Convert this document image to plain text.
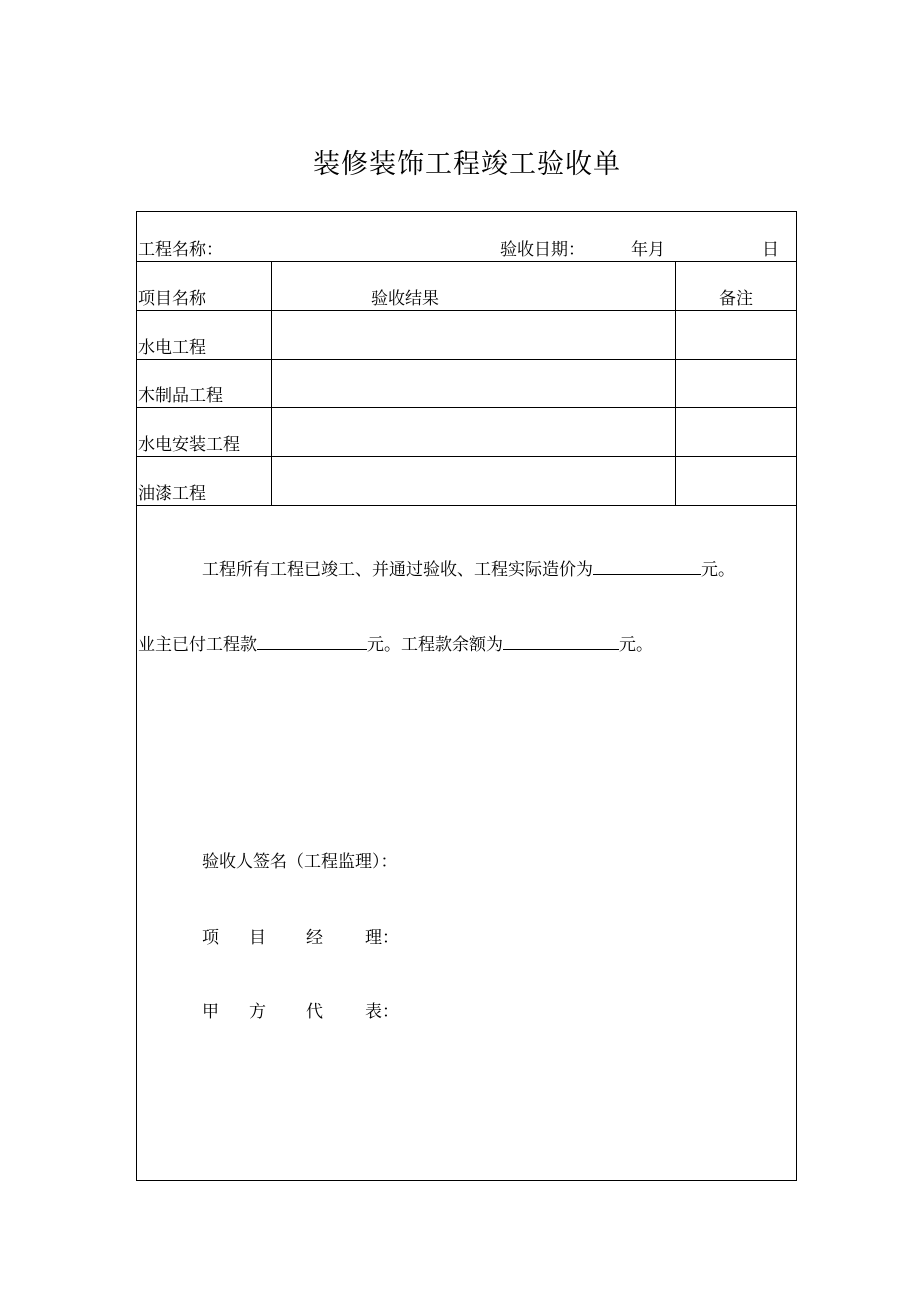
装修装饰工程竣工验收单
工程名称：	验收日期：	年月	日
项目名称	验收结果	备注
水电工程
木制品工程
水电安装工程
油漆工程
工程所有工程已竣工、并通过验收、工程实际造价为	元。
业主已付工程款	元。工程款余额为	元。
验收人签名（工程监理）：
项 目 经 理：
甲 方 代 表：
